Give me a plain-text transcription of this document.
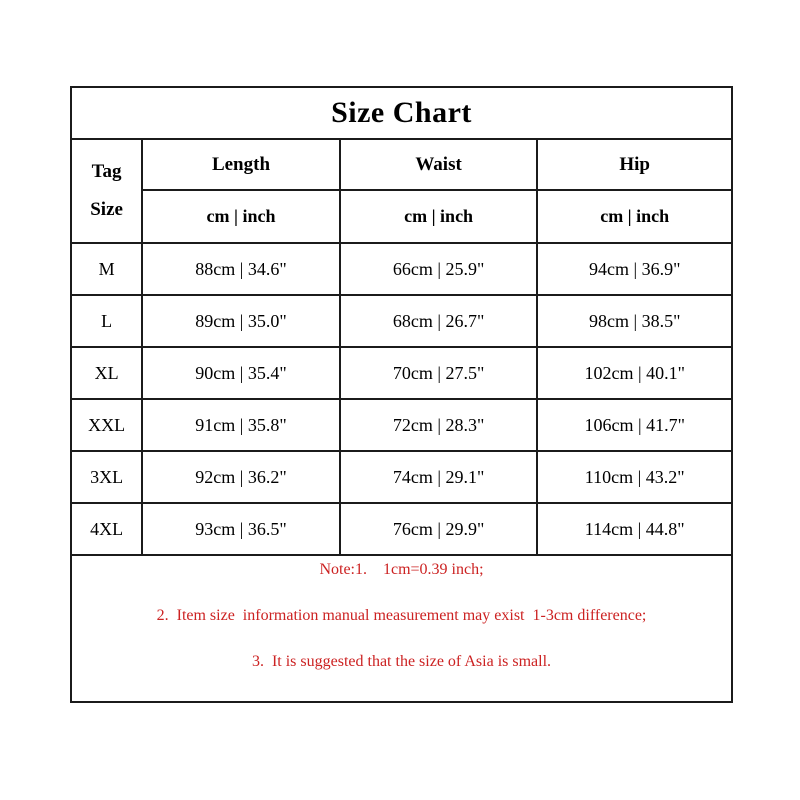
Size Chart			

Tag
Size	Length	Waist	Hip
	cm | inch	cm | inch	cm | inch
M	88cm | 34.6"	66cm | 25.9"	94cm | 36.9"
L	89cm | 35.0"	68cm | 26.7"	98cm | 38.5"
XL	90cm | 35.4"	70cm | 27.5"	102cm | 40.1"
XXL	91cm | 35.8"	72cm | 28.3"	106cm | 41.7"
3XL	92cm | 36.2"	74cm | 29.1"	110cm | 43.2"
4XL	93cm | 36.5"	76cm | 29.9"	114cm | 44.8"

Note:1.    1cm=0.39 inch;

2.  Item size  information manual measurement may exist  1-3cm difference;

3.  It is suggested that the size of Asia is small.			
